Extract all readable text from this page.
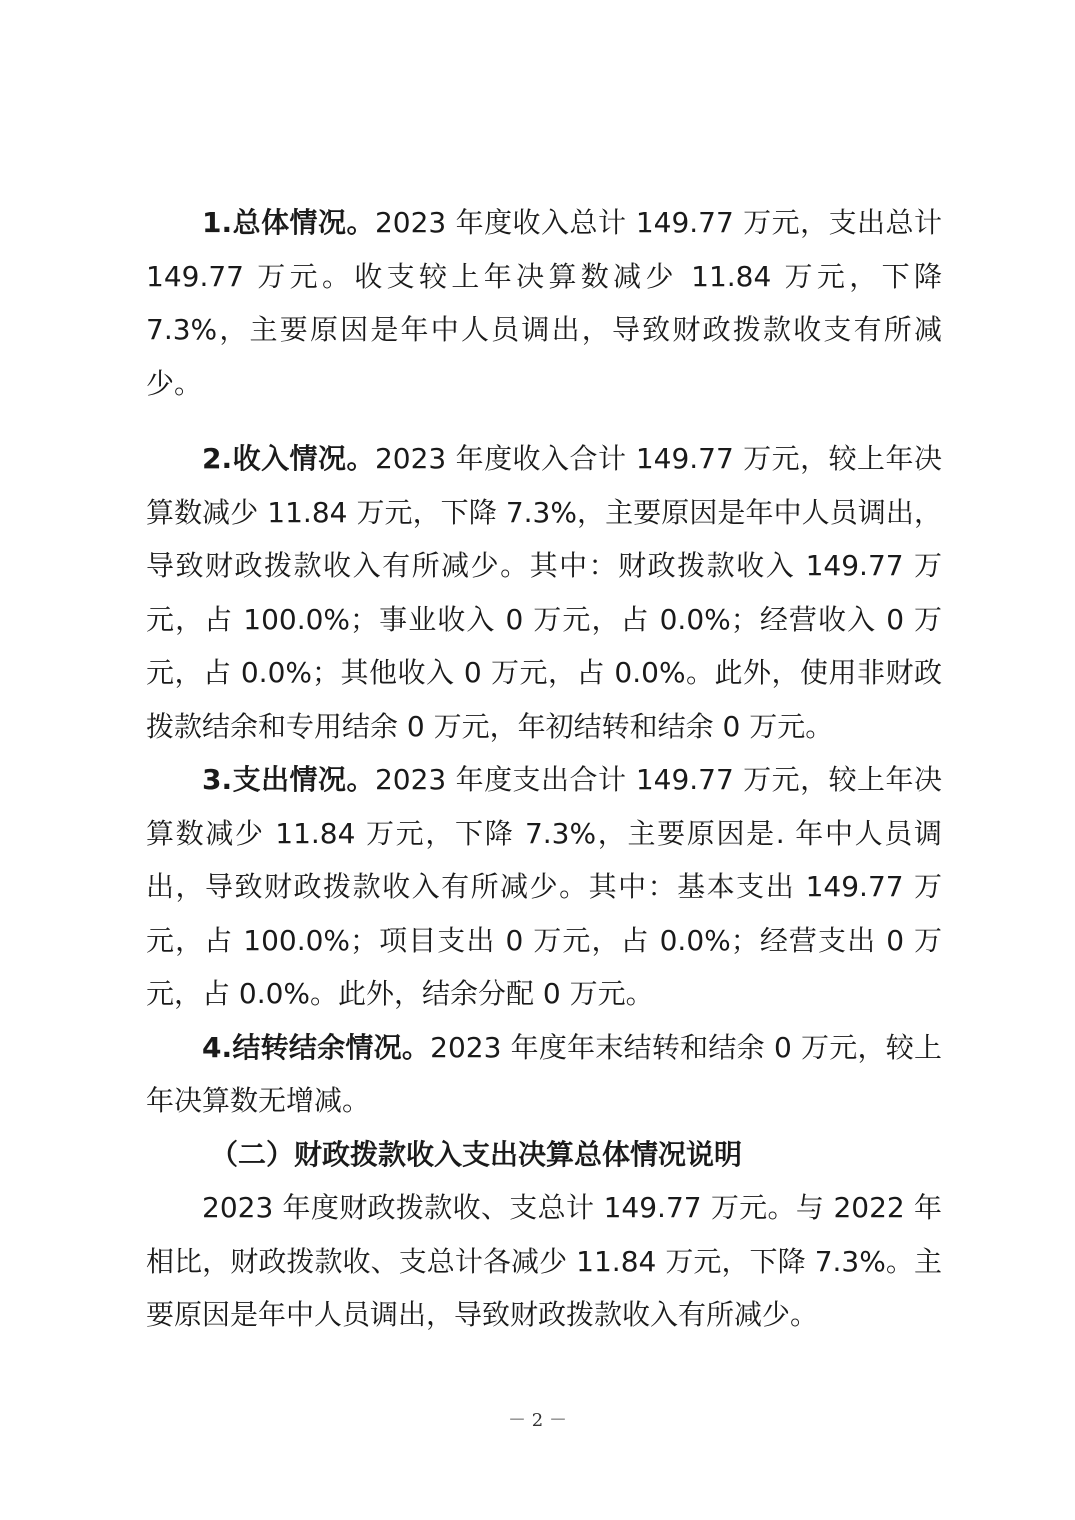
1.总体情况。2023 年度收入总计 149.77 万元，支出总计 149.77 万元。收支较上年决算数减少 11.84 万元，下降 7.3%，主要原因是年中人员调出，导致财政拨款收支有所减少。

2.收入情况。2023 年度收入合计 149.77 万元，较上年决算数减少 11.84 万元，下降 7.3%，主要原因是年中人员调出，导致财政拨款收入有所减少。其中：财政拨款收入 149.77 万元，占 100.0%；事业收入 0 万元，占 0.0%；经营收入 0 万元，占 0.0%；其他收入 0 万元，占 0.0%。此外，使用非财政拨款结余和专用结余 0 万元，年初结转和结余 0 万元。

3.支出情况。2023 年度支出合计 149.77 万元，较上年决算数减少 11.84 万元，下降 7.3%，主要原因是. 年中人员调出，导致财政拨款收入有所减少。其中：基本支出 149.77 万元，占 100.0%；项目支出 0 万元，占 0.0%；经营支出 0 万元，占 0.0%。此外，结余分配 0 万元。

4.结转结余情况。2023 年度年末结转和结余 0 万元，较上年决算数无增减。

（二）财政拨款收入支出决算总体情况说明

2023 年度财政拨款收、支总计 149.77 万元。与 2022 年相比，财政拨款收、支总计各减少 11.84 万元，下降 7.3%。主要原因是年中人员调出，导致财政拨款收入有所减少。

－ 2 －
